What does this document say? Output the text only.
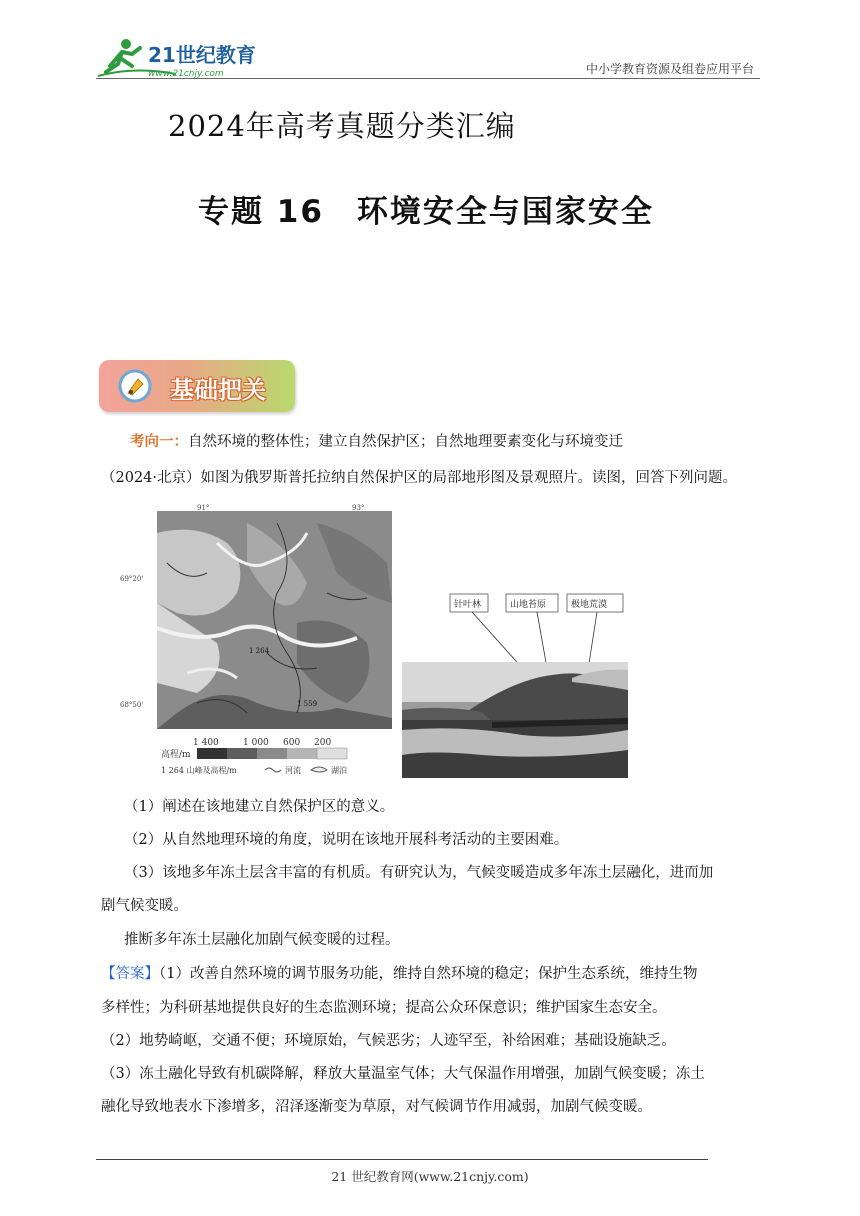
21世纪教育
www.21cnjy.com	中小学教育资源及组卷应用平台
2024年高考真题分类汇编
专题 16　环境安全与国家安全
基础把关
考向一：自然环境的整体性；建立自然保护区；自然地理要素变化与环境变迁
（2024·北京）如图为俄罗斯普托拉纳自然保护区的局部地形图及景观照片。读图，回答下列问题。
91°	93°
69°20'
68°50'
1 264
1 559
1 400	1 000 600 200
高程/m
1 264 山峰及高程/m	河流	湖泊
针叶林	山地苔原	极地荒漠
（1）阐述在该地建立自然保护区的意义。
（2）从自然地理环境的角度，说明在该地开展科考活动的主要困难。
（3）该地多年冻土层含丰富的有机质。有研究认为，气候变暖造成多年冻土层融化，进而加
剧气候变暖。
推断多年冻土层融化加剧气候变暖的过程。
【答案】（1）改善自然环境的调节服务功能，维持自然环境的稳定；保护生态系统，维持生物
多样性；为科研基地提供良好的生态监测环境；提高公众环保意识；维护国家生态安全。
（2）地势崎岖，交通不便；环境原始，气候恶劣；人迹罕至，补给困难；基础设施缺乏。
（3）冻土融化导致有机碳降解，释放大量温室气体；大气保温作用增强，加剧气候变暖；冻土
融化导致地表水下渗增多，沼泽逐渐变为草原，对气候调节作用减弱，加剧气候变暖。
21 世纪教育网(www.21cnjy.com)
